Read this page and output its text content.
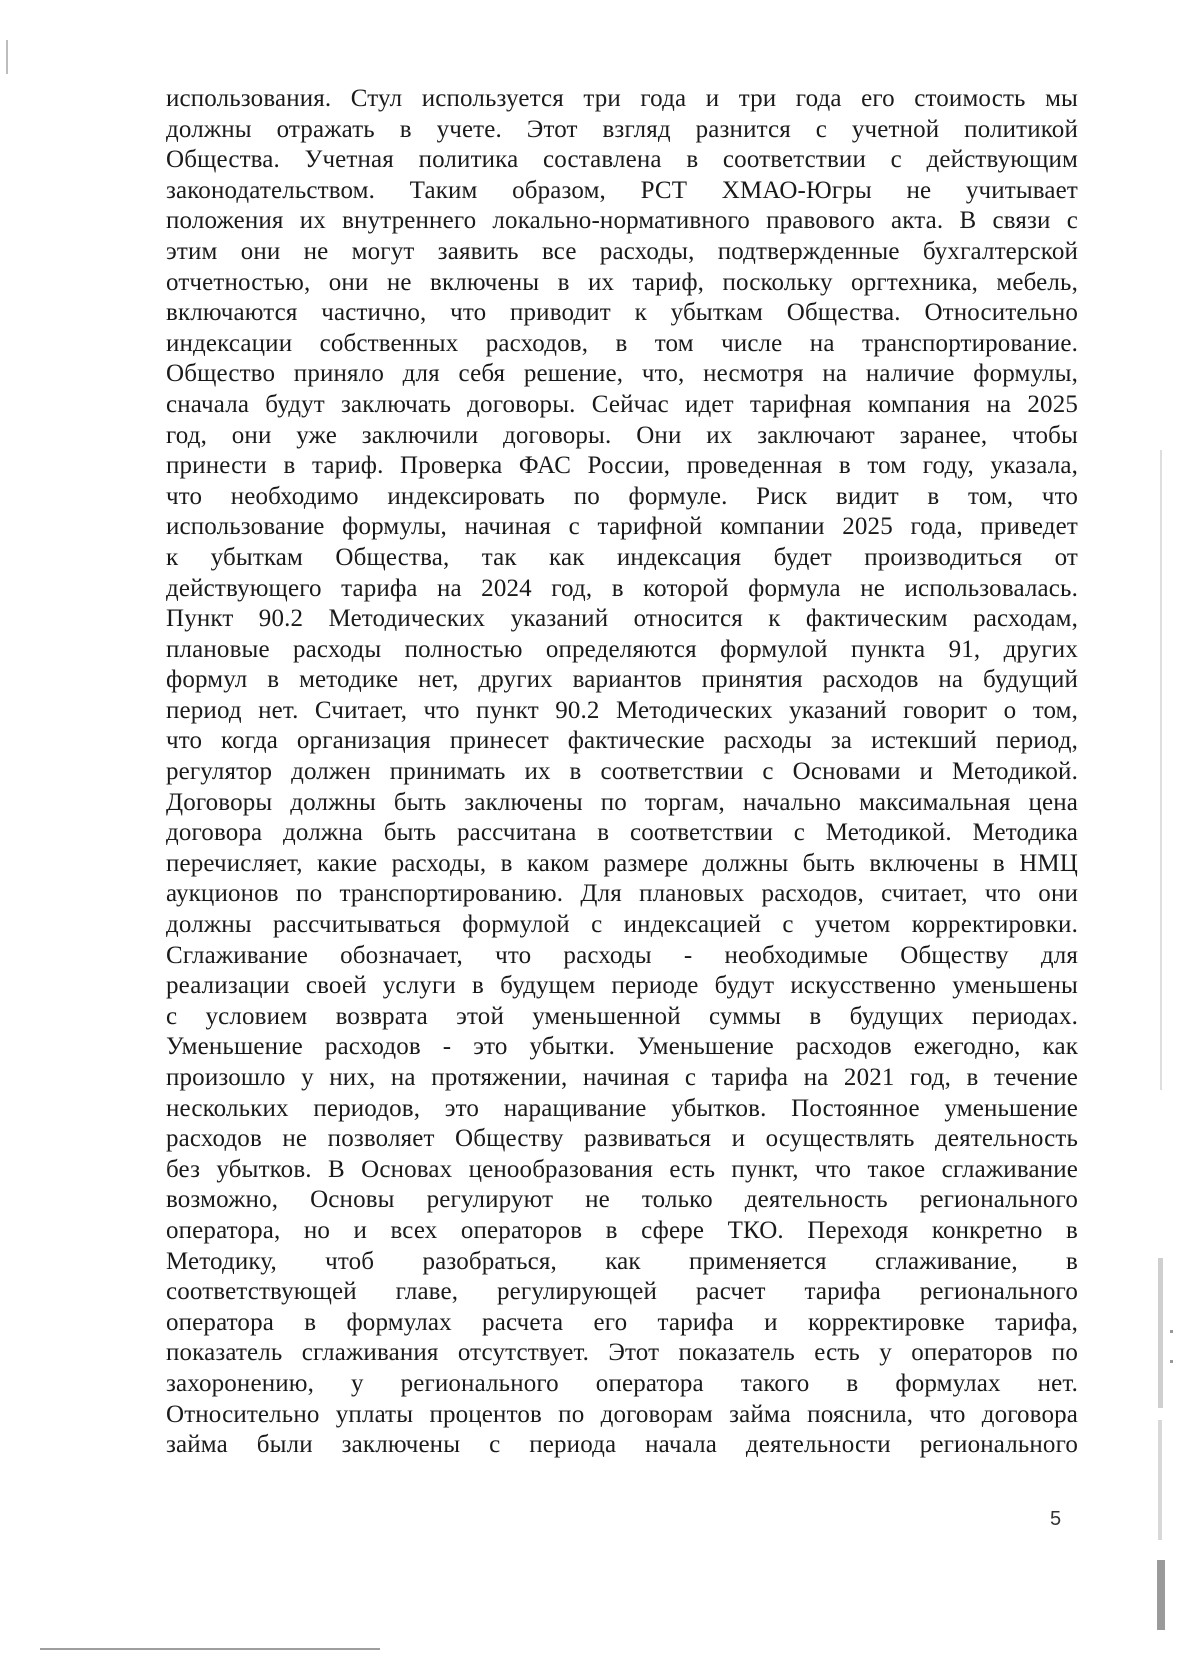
использования. Стул используется три года и три года его стоимость мы
должны отражать в учете. Этот взгляд разнится с учетной политикой
Общества. Учетная политика составлена в соответствии с действующим
законодательством. Таким образом, РСТ ХМАО-Югры не учитывает
положения их внутреннего локально-нормативного правового акта. В связи с
этим они не могут заявить все расходы, подтвержденные бухгалтерской
отчетностью, они не включены в их тариф, поскольку оргтехника, мебель,
включаются частично, что приводит к убыткам Общества. Относительно
индексации собственных расходов, в том числе на транспортирование.
Общество приняло для себя решение, что, несмотря на наличие формулы,
сначала будут заключать договоры. Сейчас идет тарифная компания на 2025
год, они уже заключили договоры. Они их заключают заранее, чтобы
принести в тариф. Проверка ФАС России, проведенная в том году, указала,
что необходимо индексировать по формуле. Риск видит в том, что
использование формулы, начиная с тарифной компании 2025 года, приведет
к убыткам Общества, так как индексация будет производиться от
действующего тарифа на 2024 год, в которой формула не использовалась.
Пункт 90.2 Методических указаний относится к фактическим расходам,
плановые расходы полностью определяются формулой пункта 91, других
формул в методике нет, других вариантов принятия расходов на будущий
период нет. Считает, что пункт 90.2 Методических указаний говорит о том,
что когда организация принесет фактические расходы за истекший период,
регулятор должен принимать их в соответствии с Основами и Методикой.
Договоры должны быть заключены по торгам, начально максимальная цена
договора должна быть рассчитана в соответствии с Методикой. Методика
перечисляет, какие расходы, в каком размере должны быть включены в НМЦ
аукционов по транспортированию. Для плановых расходов, считает, что они
должны рассчитываться формулой с индексацией с учетом корректировки.
Сглаживание обозначает, что расходы - необходимые Обществу для
реализации своей услуги в будущем периоде будут искусственно уменьшены
с условием возврата этой уменьшенной суммы в будущих периодах.
Уменьшение расходов - это убытки. Уменьшение расходов ежегодно, как
произошло у них, на протяжении, начиная с тарифа на 2021 год, в течение
нескольких периодов, это наращивание убытков. Постоянное уменьшение
расходов не позволяет Обществу развиваться и осуществлять деятельность
без убытков. В Основах ценообразования есть пункт, что такое сглаживание
возможно, Основы регулируют не только деятельность регионального
оператора, но и всех операторов в сфере ТКО. Переходя конкретно в
Методику, чтоб разобраться, как применяется сглаживание, в
соответствующей главе, регулирующей расчет тарифа регионального
оператора в формулах расчета его тарифа и корректировке тарифа,
показатель сглаживания отсутствует. Этот показатель есть у операторов по
захоронению, у регионального оператора такого в формулах нет.
Относительно уплаты процентов по договорам займа пояснила, что договора
займа были заключены с периода начала деятельности регионального
5
